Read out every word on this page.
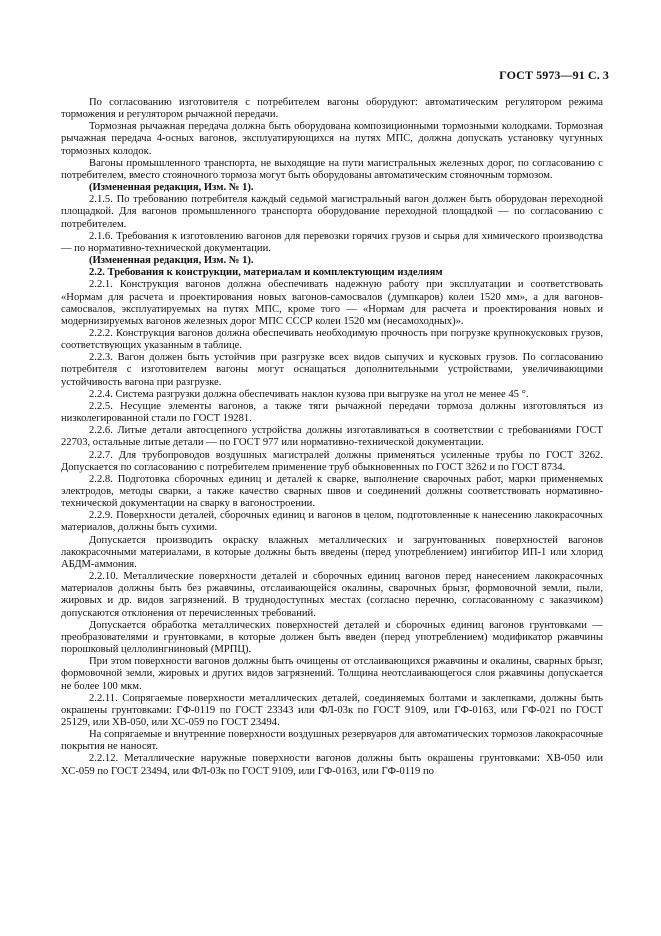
ГОСТ 5973—91 С. 3

По согласованию изготовителя с потребителем вагоны оборудуют: автоматическим регулятором режима торможения и регулятором рычажной передачи.

Тормозная рычажная передача должна быть оборудована композиционными тормозными колодками. Тормозная рычажная передача 4-осных вагонов, эксплуатирующихся на путях МПС, должна допускать установку чугунных тормозных колодок.

Вагоны промышленного транспорта, не выходящие на пути магистральных железных дорог, по согласованию с потребителем, вместо стояночного тормоза могут быть оборудованы автоматическим стояночным тормозом.

(Измененная редакция, Изм. № 1).

2.1.5. По требованию потребителя каждый седьмой магистральный вагон должен быть оборудован переходной площадкой. Для вагонов промышленного транспорта оборудование переходной площадкой — по согласованию с потребителем.

2.1.6. Требования к изготовлению вагонов для перевозки горячих грузов и сырья для химического производства — по нормативно-технической документации.

(Измененная редакция, Изм. № 1).

2.2. Требования к конструкции, материалам и комплектующим изделиям

2.2.1. Конструкция вагонов должна обеспечивать надежную работу при эксплуатации и соответствовать «Нормам для расчета и проектирования новых вагонов-самосвалов (думпкаров) колеи 1520 мм», а для вагонов-самосвалов, эксплуатируемых на путях МПС, кроме того — «Нормам для расчета и проектирования новых и модернизируемых вагонов железных дорог МПС СССР колеи 1520 мм (несамоходных)».

2.2.2. Конструкция вагонов должна обеспечивать необходимую прочность при погрузке крупнокусковых грузов, соответствующих указанным в таблице.

2.2.3. Вагон должен быть устойчив при разгрузке всех видов сыпучих и кусковых грузов. По согласованию потребителя с изготовителем вагоны могут оснащаться дополнительными устройствами, увеличивающими устойчивость вагона при разгрузке.

2.2.4. Система разгрузки должна обеспечивать наклон кузова при выгрузке на угол не менее 45 °.

2.2.5. Несущие элементы вагонов, а также тяги рычажной передачи тормоза должны изготовляться из низколегированной стали по ГОСТ 19281.

2.2.6. Литые детали автосцепного устройства должны изготавливаться в соответствии с требованиями ГОСТ 22703, остальные литые детали — по ГОСТ 977 или нормативно-технической документации.

2.2.7. Для трубопроводов воздушных магистралей должны применяться усиленные трубы по ГОСТ 3262. Допускается по согласованию с потребителем применение труб обыкновенных по ГОСТ 3262 и по ГОСТ 8734.

2.2.8. Подготовка сборочных единиц и деталей к сварке, выполнение сварочных работ, марки применяемых электродов, методы сварки, а также качество сварных швов и соединений должны соответствовать нормативно-технической документации на сварку в вагоностроении.

2.2.9. Поверхности деталей, сборочных единиц и вагонов в целом, подготовленные к нанесению лакокрасочных материалов, должны быть сухими.

Допускается производить окраску влажных металлических и загрунтованных поверхностей вагонов лакокрасочными материалами, в которые должны быть введены (перед употреблением) ингибитор ИП-1 или хлорид АБДМ-аммония.

2.2.10. Металлические поверхности деталей и сборочных единиц вагонов перед нанесением лакокрасочных материалов должны быть без ржавчины, отслаивающейся окалины, сварочных брызг, формовочной земли, пыли, жировых и др. видов загрязнений. В труднодоступных местах (согласно перечню, согласованному с заказчиком) допускаются отклонения от перечисленных требований.

Допускается обработка металлических поверхностей деталей и сборочных единиц вагонов грунтовками — преобразователями и грунтовками, в которые должен быть введен (перед употреблением) модификатор ржавчины порошковый целлолингниновый (МРПЦ).

При этом поверхности вагонов должны быть очищены от отслаивающихся ржавчины и окалины, сварных брызг, формовочной земли, жировых и других видов загрязнений. Толщина неотслаивающегося слоя ржавчины допускается не более 100 мкм.

2.2.11. Сопрягаемые поверхности металлических деталей, соединяемых болтами и заклепками, должны быть окрашены грунтовками: ГФ-0119 по ГОСТ 23343 или ФЛ-03к по ГОСТ 9109, или ГФ-0163, или ГФ-021 по ГОСТ 25129, или ХВ-050, или ХС-059 по ГОСТ 23494.

На сопрягаемые и внутренние поверхности воздушных резервуаров для автоматических тормозов лакокрасочные покрытия не наносят.

2.2.12. Металлические наружные поверхности вагонов должны быть окрашены грунтовками: ХВ-050 или ХС-059 по ГОСТ 23494, или ФЛ-03к по ГОСТ 9109, или ГФ-0163, или ГФ-0119 по
